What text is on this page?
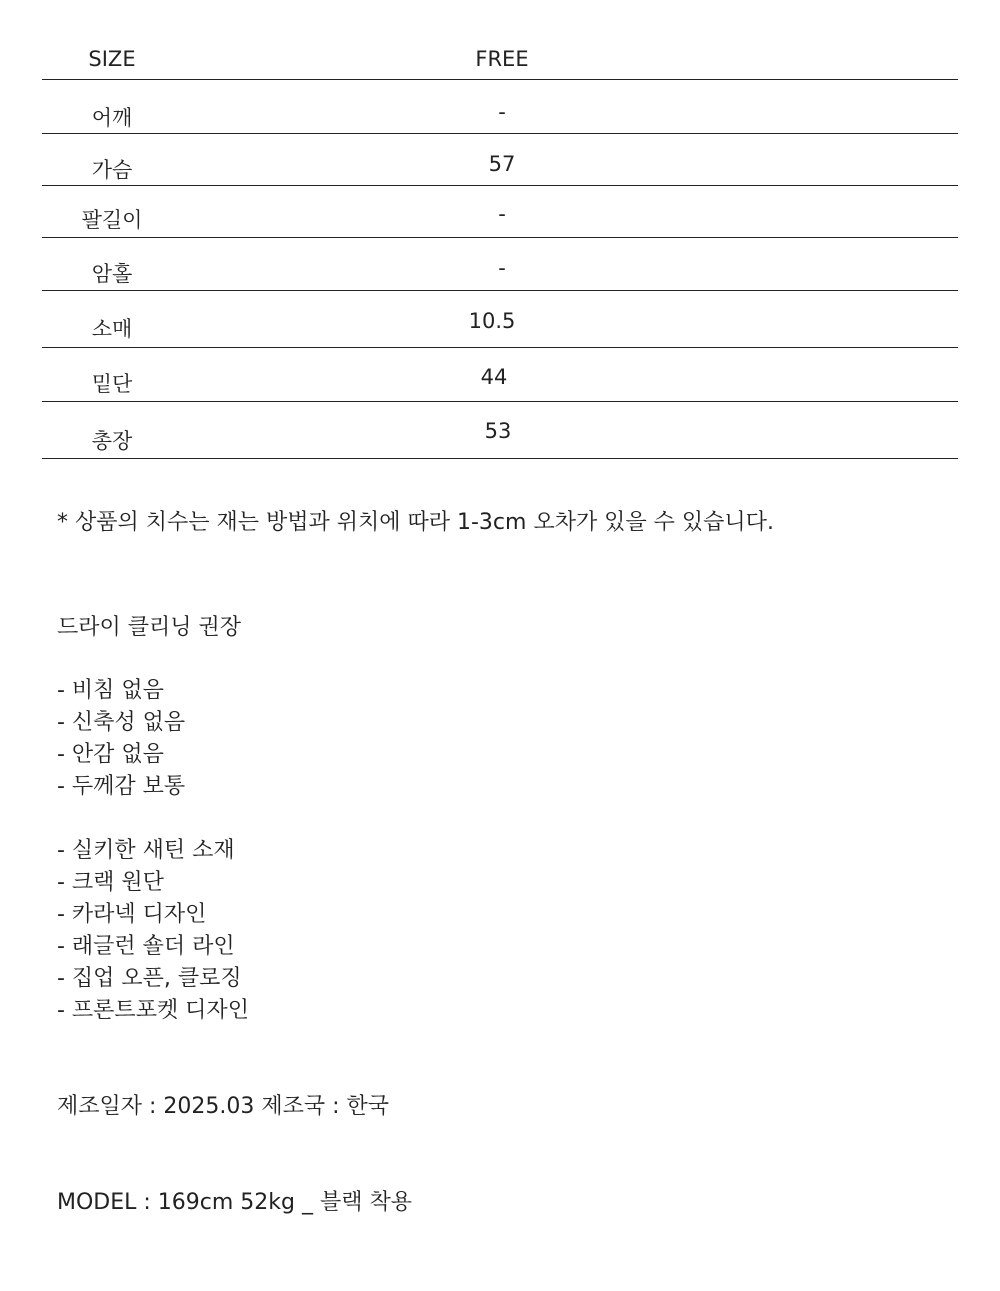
SIZE	FREE
어깨	-
가슴	57
팔길이	-
암홀	-
소매	10.5
밑단	44
총장	53
* 상품의 치수는 재는 방법과 위치에 따라 1-3cm 오차가 있을 수 있습니다.
드라이 클리닝 권장
- 비침 없음
- 신축성 없음
- 안감 없음
- 두께감 보통
- 실키한 새틴 소재
- 크랙 원단
- 카라넥 디자인
- 래글런 숄더 라인
- 집업 오픈, 클로징
- 프론트포켓 디자인
제조일자 : 2025.03 제조국 : 한국
MODEL : 169cm 52kg _ 블랙 착용
